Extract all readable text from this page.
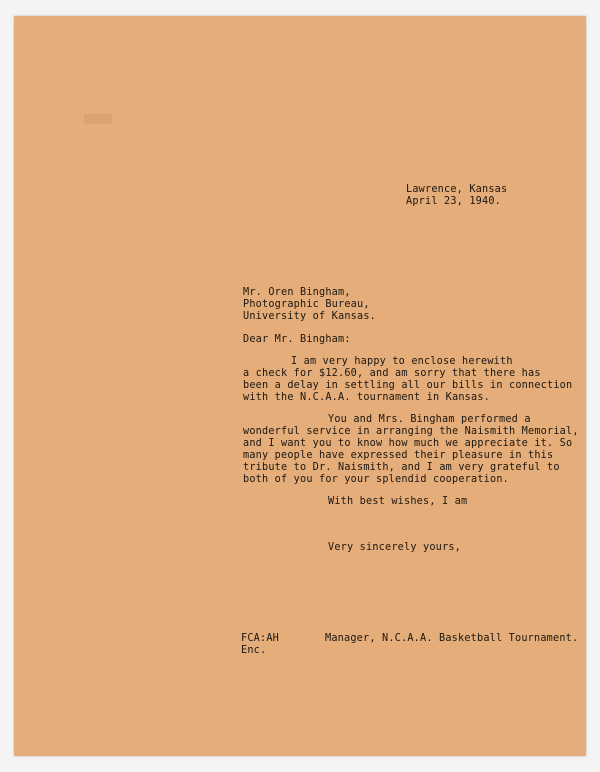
Lawrence, Kansas
April 23, 1940.
Mr. Oren Bingham,
Photographic Bureau,
University of Kansas.
Dear Mr. Bingham:
I am very happy to enclose herewith
a check for $12.60, and am sorry that there has
been a delay in settling all our bills in connection
with the N.C.A.A. tournament in Kansas.
You and Mrs. Bingham performed a
wonderful service in arranging the Naismith Memorial,
and I want you to know how much we appreciate it. So
many people have expressed their pleasure in this
tribute to Dr. Naismith, and I am very grateful to
both of you for your splendid cooperation.
With best wishes, I am
Very sincerely yours,
FCA:AH
Enc.
Manager, N.C.A.A. Basketball Tournament.
